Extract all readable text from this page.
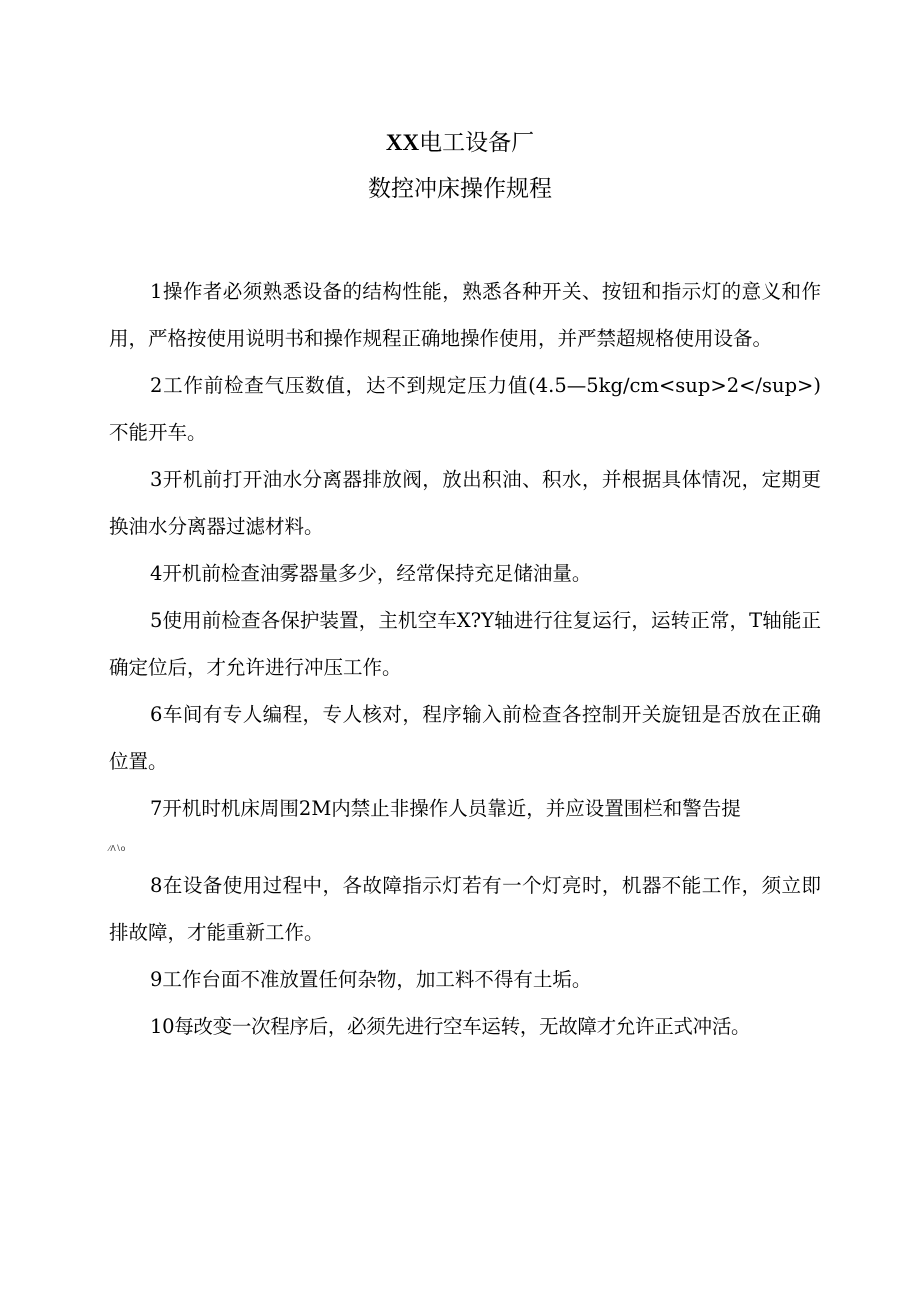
XX电工设备厂
数控冲床操作规程

1操作者必须熟悉设备的结构性能，熟悉各种开关、按钮和指示灯的意义和作用，严格按使用说明书和操作规程正确地操作使用，并严禁超规格使用设备。

2工作前检查气压数值，达不到规定压力值(4.5—5kg∕cm<sup>2</sup>)不能开车。

3开机前打开油水分离器排放阀，放出积油、积水，并根据具体情况，定期更换油水分离器过滤材料。

4开机前检查油雾器量多少，经常保持充足储油量。

5使用前检查各保护装置，主机空车X?Y轴进行往复运行，运转正常，T轴能正确定位后，才允许进行冲压工作。

6车间有专人编程，专人核对，程序输入前检查各控制开关旋钮是否放在正确位置。

7开机时机床周围2M内禁止非操作人员靠近，并应设置围栏和警告提

∕Λ∖o

8在设备使用过程中，各故障指示灯若有一个灯亮时，机器不能工作，须立即排故障，才能重新工作。

9工作台面不准放置任何杂物，加工料不得有土垢。

10每改变一次程序后，必须先进行空车运转，无故障才允许正式冲活。
